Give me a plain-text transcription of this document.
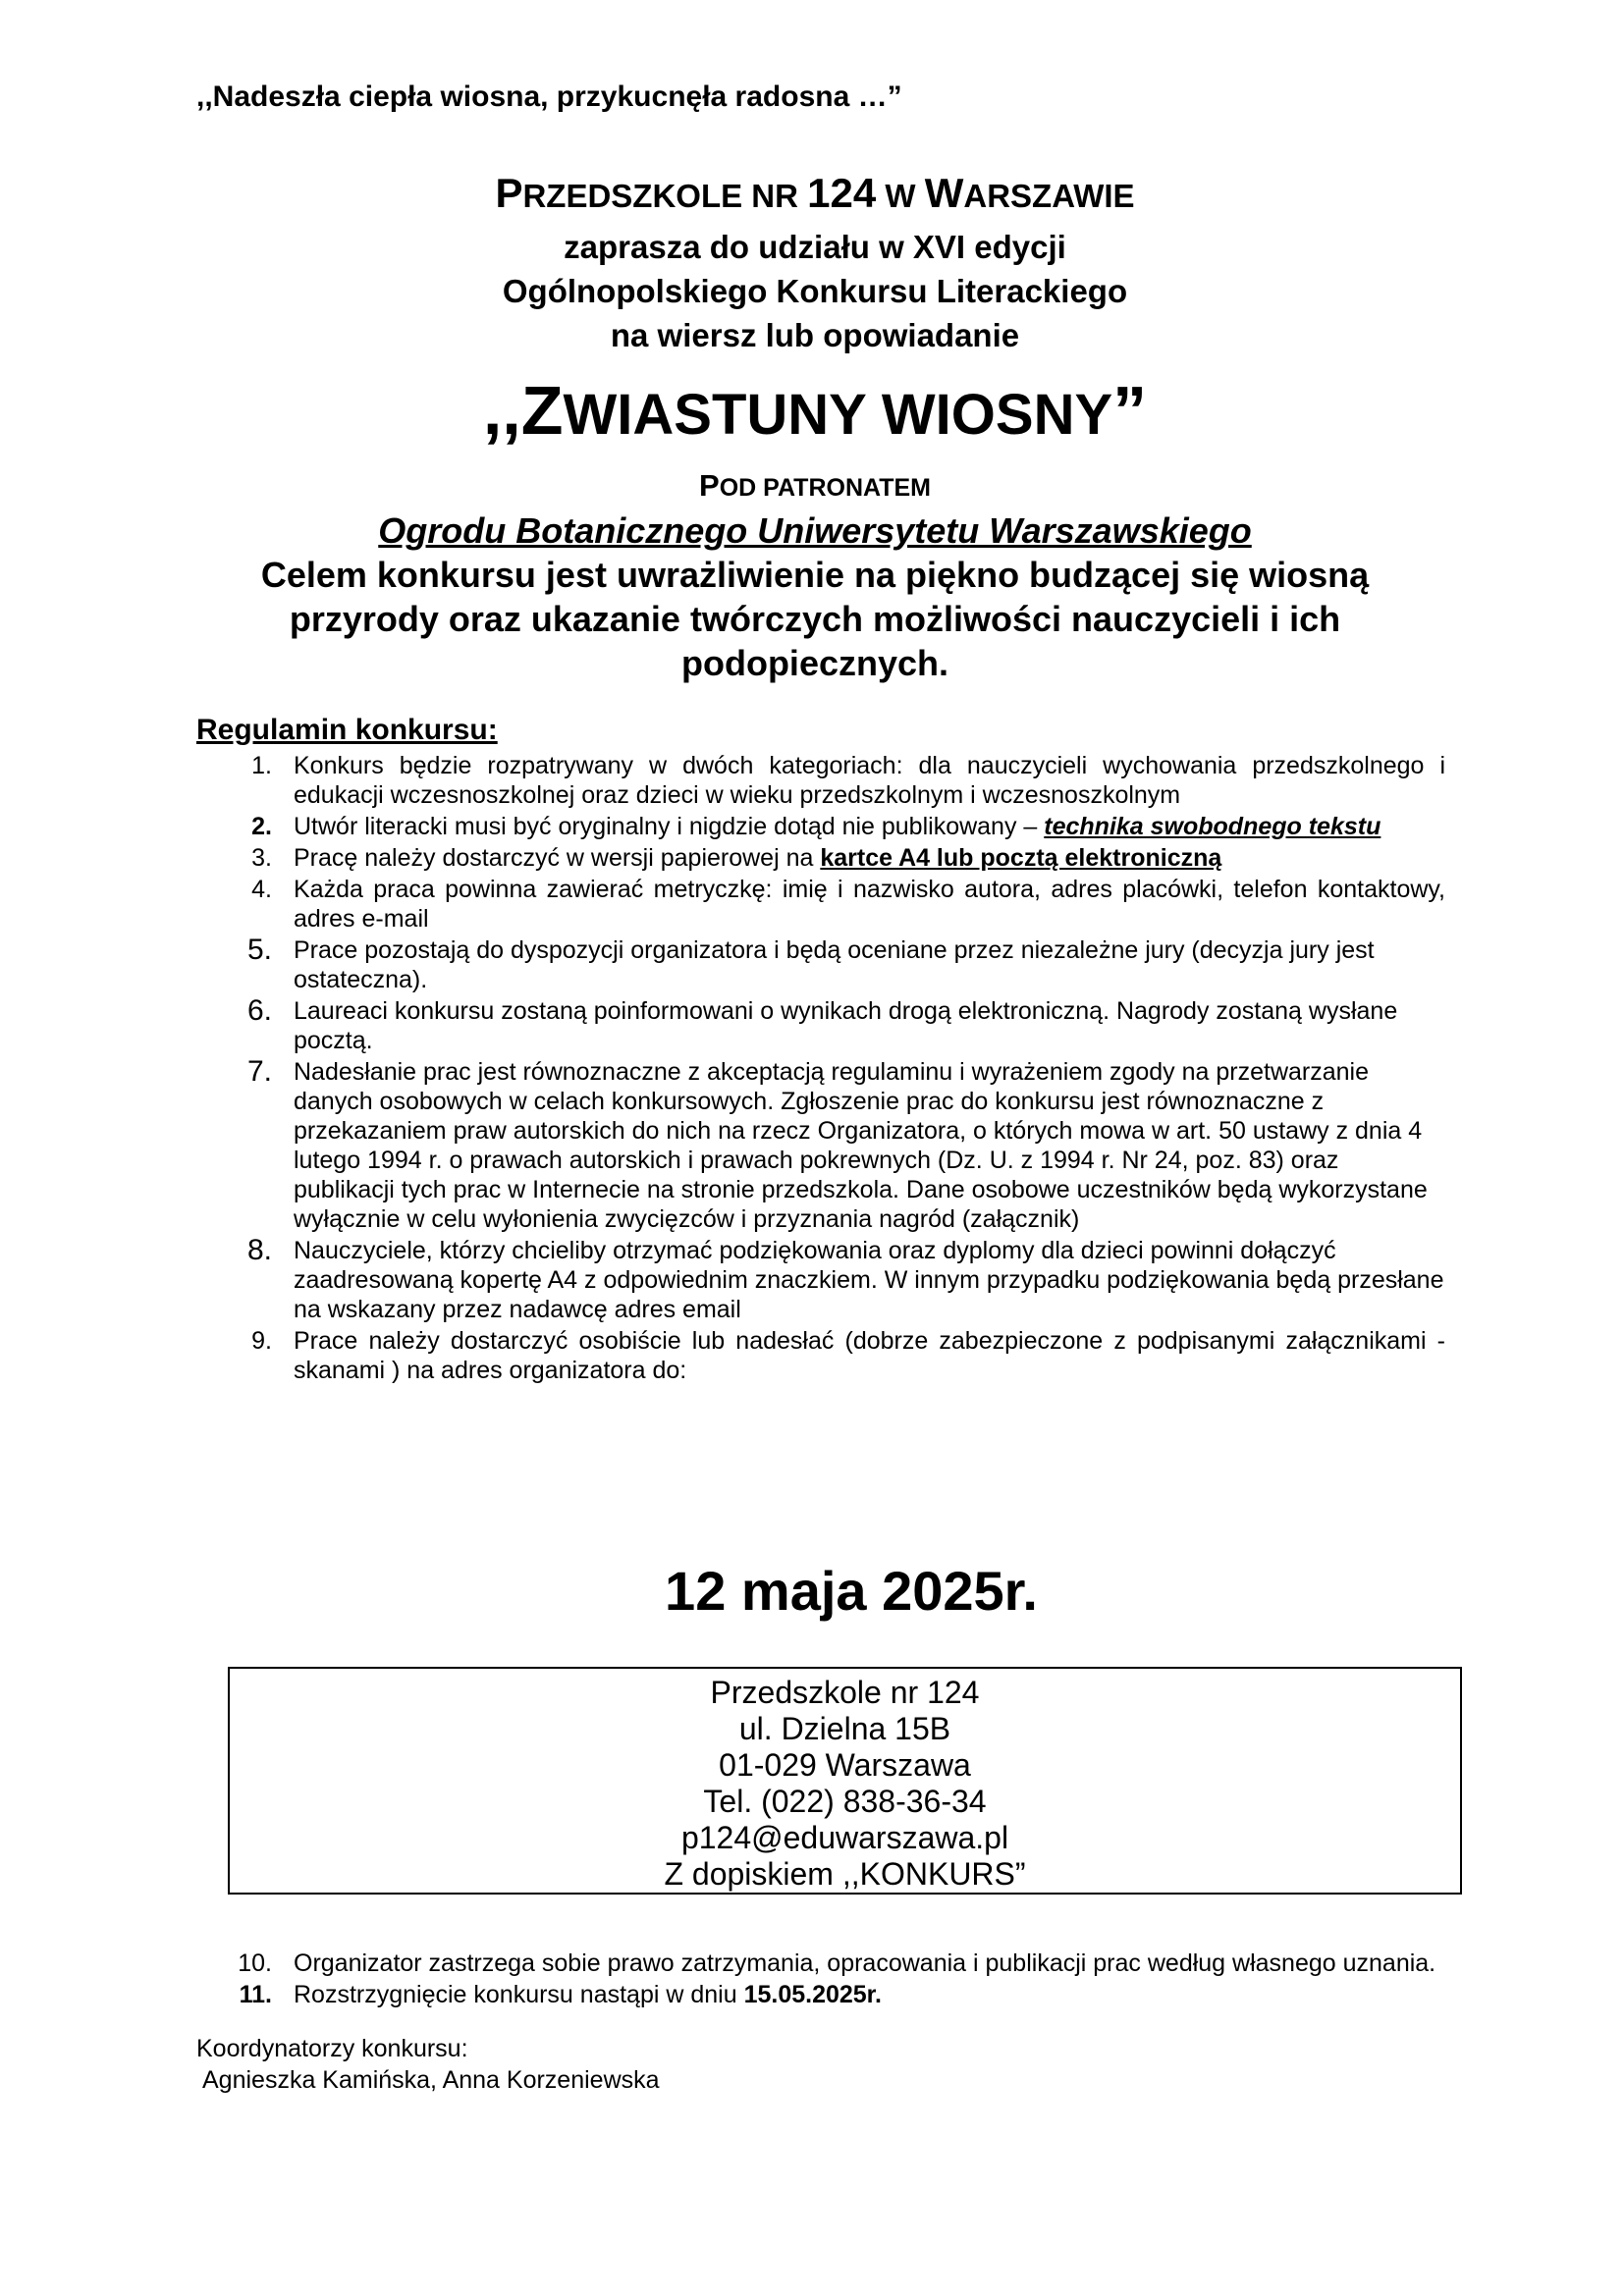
,,Nadeszła ciepła wiosna, przykucnęła radosna …”

PRZEDSZKOLE NR 124 W WARSZAWIE

zaprasza do udziału w XVI edycji

Ogólnopolskiego Konkursu Literackiego

na wiersz lub opowiadanie

,,ZWIASTUNY WIOSNY”

POD PATRONATEM

Ogrodu Botanicznego Uniwersytetu Warszawskiego

Celem konkursu jest uwrażliwienie na piękno budzącej się wiosną

przyrody oraz ukazanie twórczych możliwości nauczycieli i ich

podopiecznych.

Regulamin konkursu:

1. Konkurs będzie rozpatrywany w dwóch kategoriach: dla nauczycieli wychowania przedszkolnego i edukacji wczesnoszkolnej oraz dzieci w wieku przedszkolnym i wczesnoszkolnym
2. Utwór literacki musi być oryginalny i nigdzie dotąd nie publikowany – technika swobodnego tekstu
3. Pracę należy dostarczyć w wersji papierowej na kartce A4 lub pocztą elektroniczną
4. Każda praca powinna zawierać metryczkę: imię i nazwisko autora, adres placówki, telefon kontaktowy, adres e-mail
5. Prace pozostają do dyspozycji organizatora i będą oceniane przez niezależne jury (decyzja jury jest ostateczna).
6. Laureaci konkursu zostaną poinformowani o wynikach drogą elektroniczną. Nagrody zostaną wysłane pocztą.
7. Nadesłanie prac jest równoznaczne z akceptacją regulaminu i wyrażeniem zgody na przetwarzanie danych osobowych w celach konkursowych. Zgłoszenie prac do konkursu jest równoznaczne z przekazaniem praw autorskich do nich na rzecz Organizatora, o których mowa w art. 50 ustawy z dnia 4 lutego 1994 r. o prawach autorskich i prawach pokrewnych (Dz. U. z 1994 r. Nr 24, poz. 83) oraz publikacji tych prac w Internecie na stronie przedszkola. Dane osobowe uczestników będą wykorzystane wyłącznie w celu wyłonienia zwycięzców i przyznania nagród (załącznik)
8. Nauczyciele, którzy chcieliby otrzymać podziękowania oraz dyplomy dla dzieci powinni dołączyć zaadresowaną kopertę A4 z odpowiednim znaczkiem. W innym przypadku podziękowania będą przesłane na wskazany przez nadawcę adres email
9. Prace należy dostarczyć osobiście lub nadesłać (dobrze zabezpieczone z podpisanymi załącznikami - skanami ) na adres organizatora do:

12 maja 2025r.

Przedszkole nr 124

ul. Dzielna 15B

01-029 Warszawa

Tel. (022) 838-36-34

p124@eduwarszawa.pl

Z dopiskiem ,,KONKURS”

10. Organizator zastrzega sobie prawo zatrzymania, opracowania i publikacji prac według własnego uznania.
11. Rozstrzygnięcie konkursu nastąpi w dniu 15.05.2025r.

Koordynatorzy konkursu:

Agnieszka Kamińska, Anna Korzeniewska
